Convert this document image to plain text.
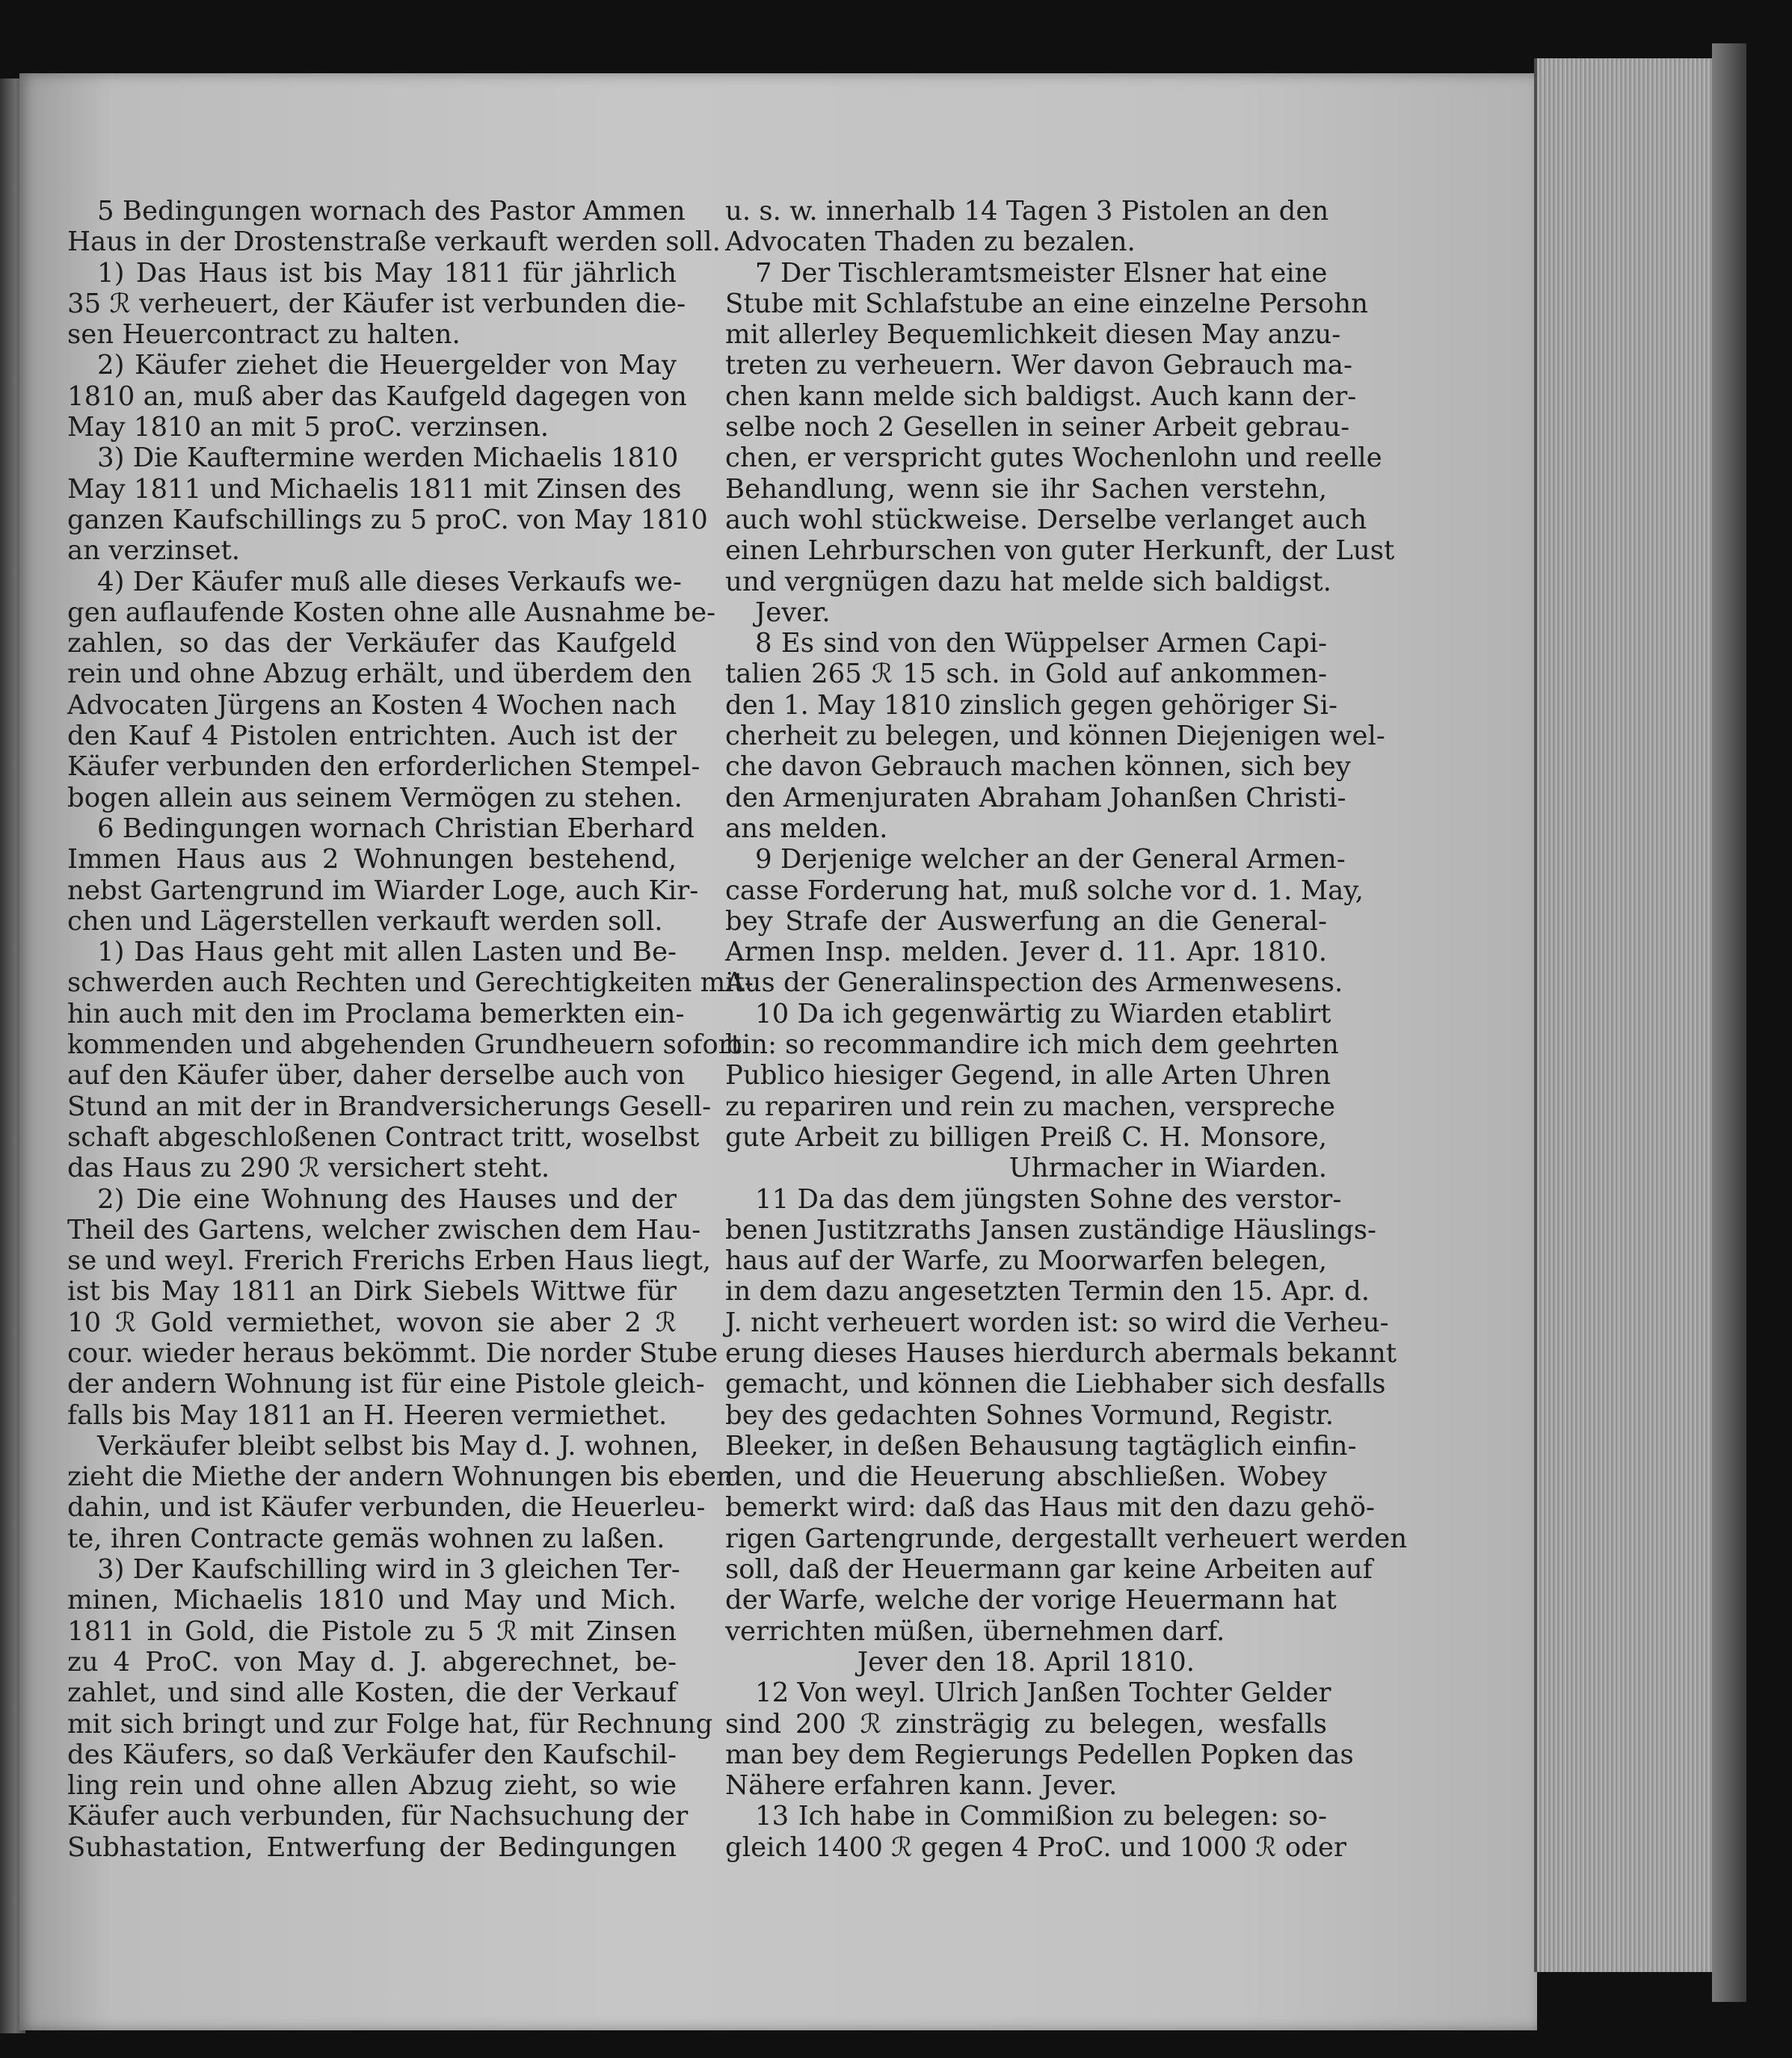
5 Bedingungen wornach des Pastor Ammen
Haus in der Drostenstraße verkauft werden soll.
1) Das Haus ist bis May 1811 für jährlich
35 ℛ verheuert, der Käufer ist verbunden die-
sen Heuercontract zu halten.
2) Käufer ziehet die Heuergelder von May
1810 an, muß aber das Kaufgeld dagegen von
May 1810 an mit 5 proC. verzinsen.
3) Die Kauftermine werden Michaelis 1810
May 1811 und Michaelis 1811 mit Zinsen des
ganzen Kaufschillings zu 5 proC. von May 1810
an verzinset.
4) Der Käufer muß alle dieses Verkaufs we-
gen auflaufende Kosten ohne alle Ausnahme be-
zahlen, so das der Verkäufer das Kaufgeld
rein und ohne Abzug erhält, und überdem den
Advocaten Jürgens an Kosten 4 Wochen nach
den Kauf 4 Pistolen entrichten. Auch ist der
Käufer verbunden den erforderlichen Stempel-
bogen allein aus seinem Vermögen zu stehen.
6 Bedingungen wornach Christian Eberhard
Immen Haus aus 2 Wohnungen bestehend,
nebst Gartengrund im Wiarder Loge, auch Kir-
chen und Lägerstellen verkauft werden soll.
1) Das Haus geht mit allen Lasten und Be-
schwerden auch Rechten und Gerechtigkeiten mit-
hin auch mit den im Proclama bemerkten ein-
kommenden und abgehenden Grundheuern sofort
auf den Käufer über, daher derselbe auch von
Stund an mit der in Brandversicherungs Gesell-
schaft abgeschloßenen Contract tritt, woselbst
das Haus zu 290 ℛ versichert steht.
2) Die eine Wohnung des Hauses und der
Theil des Gartens, welcher zwischen dem Hau-
se und weyl. Frerich Frerichs Erben Haus liegt,
ist bis May 1811 an Dirk Siebels Wittwe für
10 ℛ Gold vermiethet, wovon sie aber 2 ℛ
cour. wieder heraus bekömmt. Die norder Stube
der andern Wohnung ist für eine Pistole gleich-
falls bis May 1811 an H. Heeren vermiethet.
Verkäufer bleibt selbst bis May d. J. wohnen,
zieht die Miethe der andern Wohnungen bis eben
dahin, und ist Käufer verbunden, die Heuerleu-
te, ihren Contracte gemäs wohnen zu laßen.
3) Der Kaufschilling wird in 3 gleichen Ter-
minen, Michaelis 1810 und May und Mich.
1811 in Gold, die Pistole zu 5 ℛ mit Zinsen
zu 4 ProC. von May d. J. abgerechnet, be-
zahlet, und sind alle Kosten, die der Verkauf
mit sich bringt und zur Folge hat, für Rechnung
des Käufers, so daß Verkäufer den Kaufschil-
ling rein und ohne allen Abzug zieht, so wie
Käufer auch verbunden, für Nachsuchung der
Subhastation, Entwerfung der Bedingungen
u. s. w. innerhalb 14 Tagen 3 Pistolen an den
Advocaten Thaden zu bezalen.
7 Der Tischleramtsmeister Elsner hat eine
Stube mit Schlafstube an eine einzelne Persohn
mit allerley Bequemlichkeit diesen May anzu-
treten zu verheuern. Wer davon Gebrauch ma-
chen kann melde sich baldigst. Auch kann der-
selbe noch 2 Gesellen in seiner Arbeit gebrau-
chen, er verspricht gutes Wochenlohn und reelle
Behandlung, wenn sie ihr Sachen verstehn,
auch wohl stückweise. Derselbe verlanget auch
einen Lehrburschen von guter Herkunft, der Lust
und vergnügen dazu hat melde sich baldigst.
Jever.
8 Es sind von den Wüppelser Armen Capi-
talien 265 ℛ 15 sch. in Gold auf ankommen-
den 1. May 1810 zinslich gegen gehöriger Si-
cherheit zu belegen, und können Diejenigen wel-
che davon Gebrauch machen können, sich bey
den Armenjuraten Abraham Johanßen Christi-
ans melden.
9 Derjenige welcher an der General Armen-
casse Forderung hat, muß solche vor d. 1. May,
bey Strafe der Auswerfung an die General-
Armen Insp. melden. Jever d. 11. Apr. 1810.
Aus der Generalinspection des Armenwesens.
10 Da ich gegenwärtig zu Wiarden etablirt
bin: so recommandire ich mich dem geehrten
Publico hiesiger Gegend, in alle Arten Uhren
zu repariren und rein zu machen, verspreche
gute Arbeit zu billigen Preiß C. H. Monsore,
Uhrmacher in Wiarden.
11 Da das dem jüngsten Sohne des verstor-
benen Justitzraths Jansen zuständige Häuslings-
haus auf der Warfe, zu Moorwarfen belegen,
in dem dazu angesetzten Termin den 15. Apr. d.
J. nicht verheuert worden ist: so wird die Verheu-
erung dieses Hauses hierdurch abermals bekannt
gemacht, und können die Liebhaber sich desfalls
bey des gedachten Sohnes Vormund, Registr.
Bleeker, in deßen Behausung tagtäglich einfin-
den, und die Heuerung abschließen. Wobey
bemerkt wird: daß das Haus mit den dazu gehö-
rigen Gartengrunde, dergestallt verheuert werden
soll, daß der Heuermann gar keine Arbeiten auf
der Warfe, welche der vorige Heuermann hat
verrichten müßen, übernehmen darf.
Jever den 18. April 1810.
12 Von weyl. Ulrich Janßen Tochter Gelder
sind 200 ℛ zinsträgig zu belegen, wesfalls
man bey dem Regierungs Pedellen Popken das
Nähere erfahren kann. Jever.
13 Ich habe in Commißion zu belegen: so-
gleich 1400 ℛ gegen 4 ProC. und 1000 ℛ oder
